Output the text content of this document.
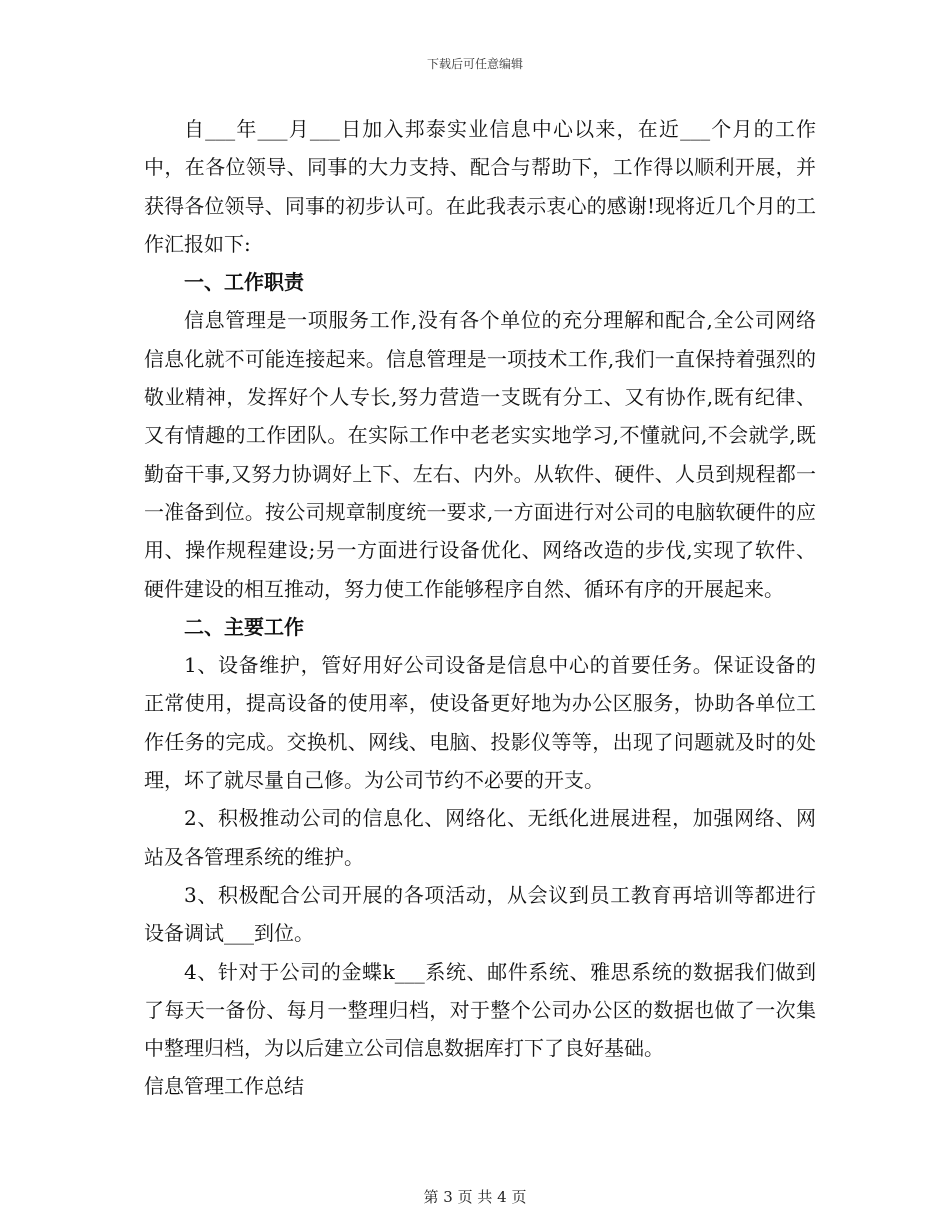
下载后可任意编辑

自___年___月___日加入邦泰实业信息中心以来，在近___个月的工作中，在各位领导、同事的大力支持、配合与帮助下，工作得以顺利开展，并获得各位领导、同事的初步认可。在此我表示衷心的感谢!现将近几个月的工作汇报如下:

一、工作职责

信息管理是一项服务工作,没有各个单位的充分理解和配合,全公司网络信息化就不可能连接起来。信息管理是一项技术工作,我们一直保持着强烈的敬业精神，发挥好个人专长,努力营造一支既有分工、又有协作,既有纪律、又有情趣的工作团队。在实际工作中老老实实地学习,不懂就问,不会就学,既勤奋干事,又努力协调好上下、左右、内外。从软件、硬件、人员到规程都一一准备到位。按公司规章制度统一要求,一方面进行对公司的电脑软硬件的应用、操作规程建设;另一方面进行设备优化、网络改造的步伐,实现了软件、硬件建设的相互推动，努力使工作能够程序自然、循环有序的开展起来。

二、主要工作

1、设备维护，管好用好公司设备是信息中心的首要任务。保证设备的正常使用，提高设备的使用率，使设备更好地为办公区服务，协助各单位工作任务的完成。交换机、网线、电脑、投影仪等等，出现了问题就及时的处理，坏了就尽量自己修。为公司节约不必要的开支。

2、积极推动公司的信息化、网络化、无纸化进展进程，加强网络、网站及各管理系统的维护。

3、积极配合公司开展的各项活动，从会议到员工教育再培训等都进行设备调试___到位。

4、针对于公司的金蝶k___系统、邮件系统、雅思系统的数据我们做到了每天一备份、每月一整理归档，对于整个公司办公区的数据也做了一次集中整理归档，为以后建立公司信息数据库打下了良好基础。

信息管理工作总结

第 3 页 共 4 页
